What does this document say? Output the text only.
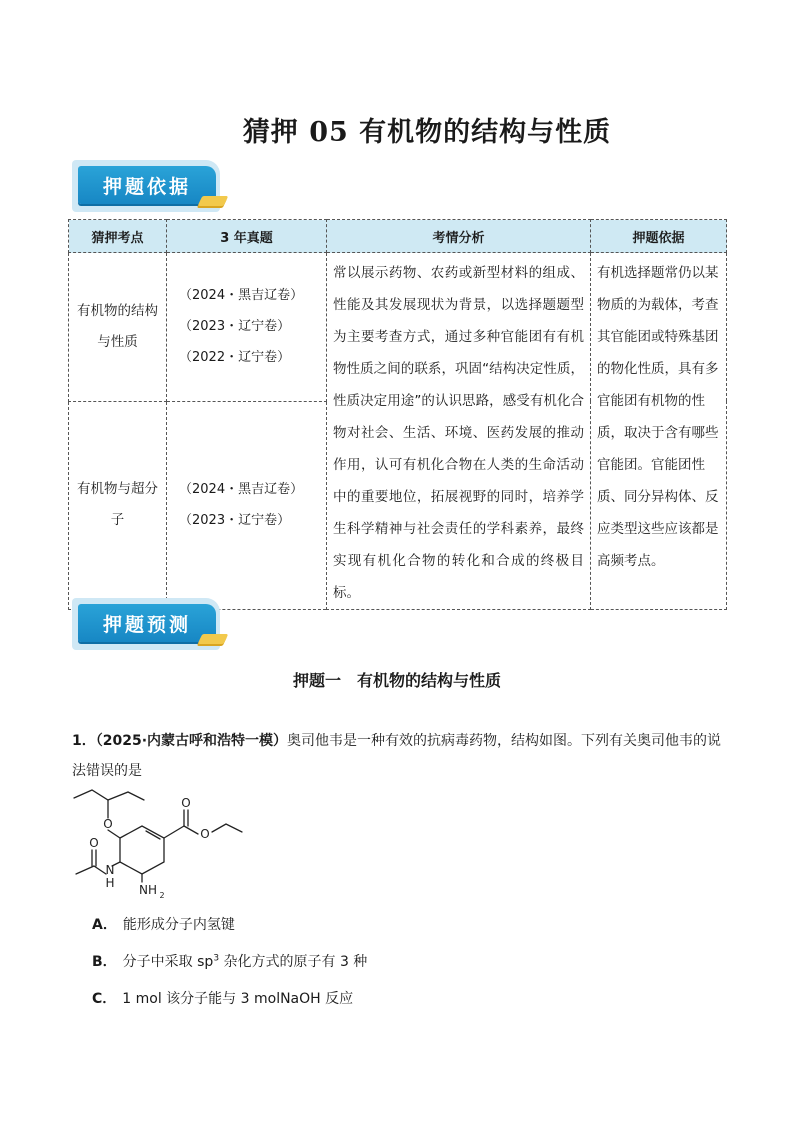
猜押 05 有机物的结构与性质
押题依据
猜押考点	3 年真题	考情分析	押题依据
有机物的结构与性质	（2024・黑吉辽卷）
（2023・辽宁卷）
（2022・辽宁卷）	常以展示药物、农药或新型材料的组成、性能及其发展现状为背景，以选择题题型为主要考查方式，通过多种官能团有有机物性质之间的联系，巩固“结构决定性质，性质决定用途”的认识思路，感受有机化合物对社会、生活、环境、医药发展的推动作用，认可有机化合物在人类的生命活动中的重要地位，拓展视野的同时，培养学生科学精神与社会责任的学科素养，最终实现有机化合物的转化和合成的终极目标。	有机选择题常仍以某物质的为载体，考查其官能团或特殊基团的物化性质，具有多官能团有机物的性质，取决于含有哪些官能团。官能团性质、同分异构体、反应类型这些应该都是高频考点。
有机物与超分子	（2024・黑吉辽卷）
（2023・辽宁卷）		
押题预测
押题一　有机物的结构与性质
1．（2025·内蒙古呼和浩特一模）奥司他韦是一种有效的抗病毒药物，结构如图。下列有关奥司他韦的说法错误的是
O
O
O
O
N
H NH 2
A． 能形成分子内氢键
B． 分子中采取 $sp^3$ 杂化方式的原子有 3 种
C． 1 mol 该分子能与 3 molNaOH 反应
